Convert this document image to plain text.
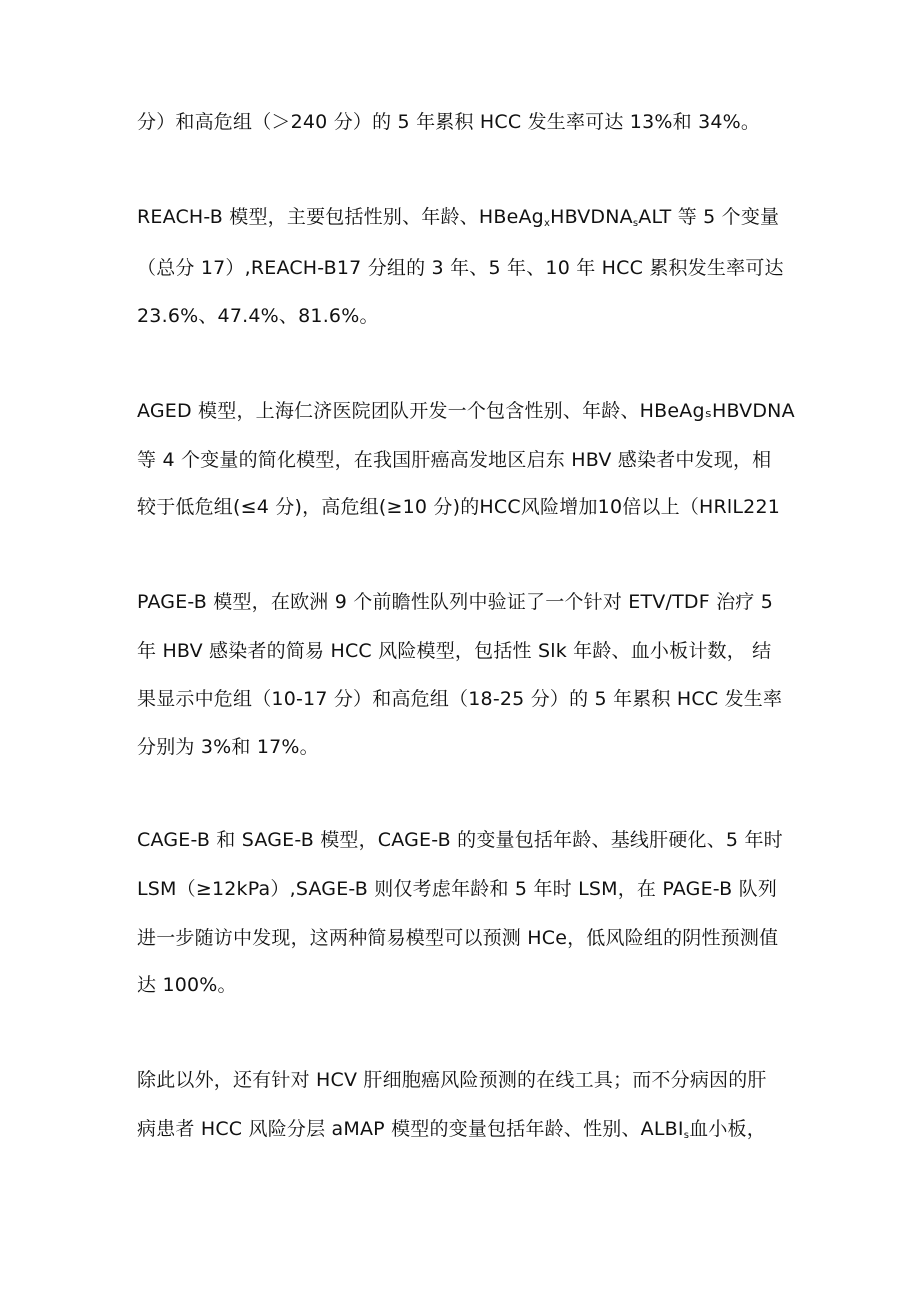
分）和高危组（＞240 分）的 5 年累积 HCC 发生率可达 13%和 34%。
REACH-B 模型，主要包括性别、年龄、$HBeAg_xHBVDNA_sALT$ 等 5 个变量
（总分 17）,REACH-B17 分组的 3 年、5 年、10 年 HCC 累积发生率可达
23.6%、47.4%、81.6%。
AGED 模型，上海仁济医院团队开发一个包含性别、年龄、HBeAgₛHBVDNA
等 4 个变量的简化模型，在我国肝癌高发地区启东 HBV 感染者中发现，相
较于低危组(≤4 分)，高危组(≥10 分)的HCC风险增加10倍以上（HRlL221
PAGE-B 模型，在欧洲 9 个前瞻性队列中验证了一个针对 ETV/TDF 治疗 5
年 HBV 感染者的简易 HCC 风险模型，包括性 Slk 年龄、血小板计数， 结
果显示中危组（10-17 分）和高危组（18-25 分）的 5 年累积 HCC 发生率
分别为 3%和 17%。
CAGE-B 和 SAGE-B 模型，CAGE-B 的变量包括年龄、基线肝硬化、5 年时
LSM（≥12kPa）,SAGE-B 则仅考虑年龄和 5 年时 LSM，在 PAGE-B 队列
进一步随访中发现，这两种简易模型可以预测 HCe，低风险组的阴性预测值
达 100%。
除此以外，还有针对 HCV 肝细胞癌风险预测的在线工具；而不分病因的肝
病患者 HCC 风险分层 aMAP 模型的变量包括年龄、性别、$ALBI_s$血小板，
